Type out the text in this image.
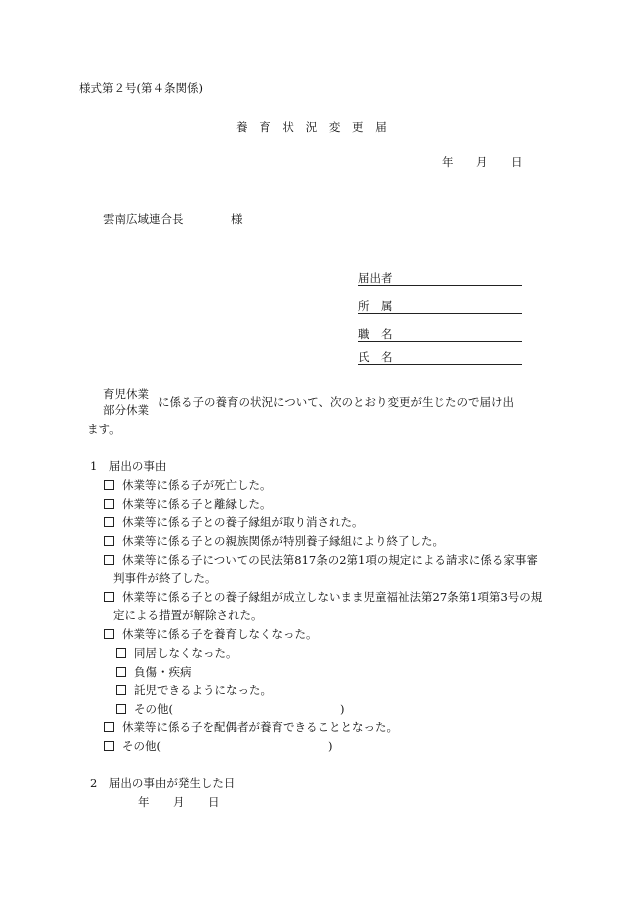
様式第２号(第４条関係)
養 育 状 況 変 更 届
年 月 日
雲南広域連合長	様
届出者
所　属
職　名
氏　名
育児休業
部分休業
に係る子の養育の状況について、次のとおり変更が生じたので届け出
ます。
1　届出の事由
休業等に係る子が死亡した。
休業等に係る子と離縁した。
休業等に係る子との養子縁組が取り消された。
休業等に係る子との親族関係が特別養子縁組により終了した。
休業等に係る子についての民法第817条の2第1項の規定による請求に係る家事審
判事件が終了した。
休業等に係る子との養子縁組が成立しないまま児童福祉法第27条第1項第3号の規
定による措置が解除された。
休業等に係る子を養育しなくなった。
同居しなくなった。
負傷・疾病
託児できるようになった。
その他(	)
休業等に係る子を配偶者が養育できることとなった。
その他(	)
2　届出の事由が発生した日
年 月 日
